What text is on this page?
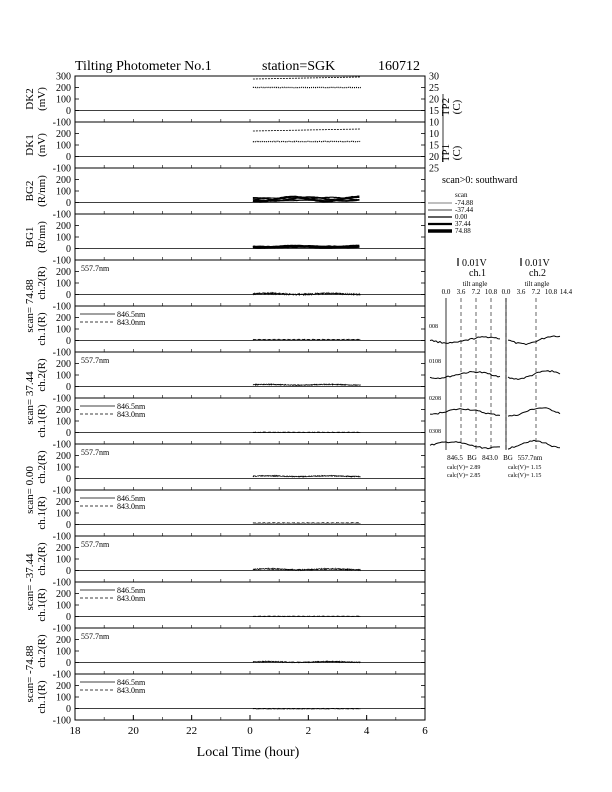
Tilting Photometer No.1	station=SGK	160712
Local Time (hour)
300
200
100
0
-100
(mV)
DK2
200
100
0
-100
(mV)
DK1
200
100
0
-100
(R/nm)
BG2
200
100
0
-100
(R/nm)
BG1
200
100
0
-100
ch.2(R)
scan= 74.88
557.7nm
200
100
0
-100
ch.1(R)	846.5nm
843.0nm
200
100
0
-100
ch.2(R)
scan= 37.44
557.7nm
200
100
0
-100
ch.1(R)	846.5nm
843.0nm
200
100
0
-100
ch.2(R)
scan= 0.00
557.7nm
200
100
0
-100
ch.1(R)	846.5nm
843.0nm
200
100
0
-100
ch.2(R)
scan= -37.44
557.7nm
200
100
0
-100
ch.1(R)	846.5nm
843.0nm
200
100
0
-100
ch.2(R)
scan= -74.88
557.7nm
200
100
0
-100
ch.1(R)	846.5nm
843.0nm
18	20	22	0	2	4	6
30
25
20
15
10
10
15
20
25
TP2 (C)
TP1 (C)
scan>0: southward
scan
-74.88
-37.44
0.00
37.44
74.88
0.01V
ch.1
0.01V
ch.2
tilt angle	tilt angle
0.0 3.6 7.2 10.8 0.0 3.6 7.2 10.8 14.4
008
0108
0208
0308
846.5 BG 843.0 BG 557.7nm
calc(V)= 2.89
calc(V)= 2.85
calc(V)= 1.15
calc(V)= 1.15
